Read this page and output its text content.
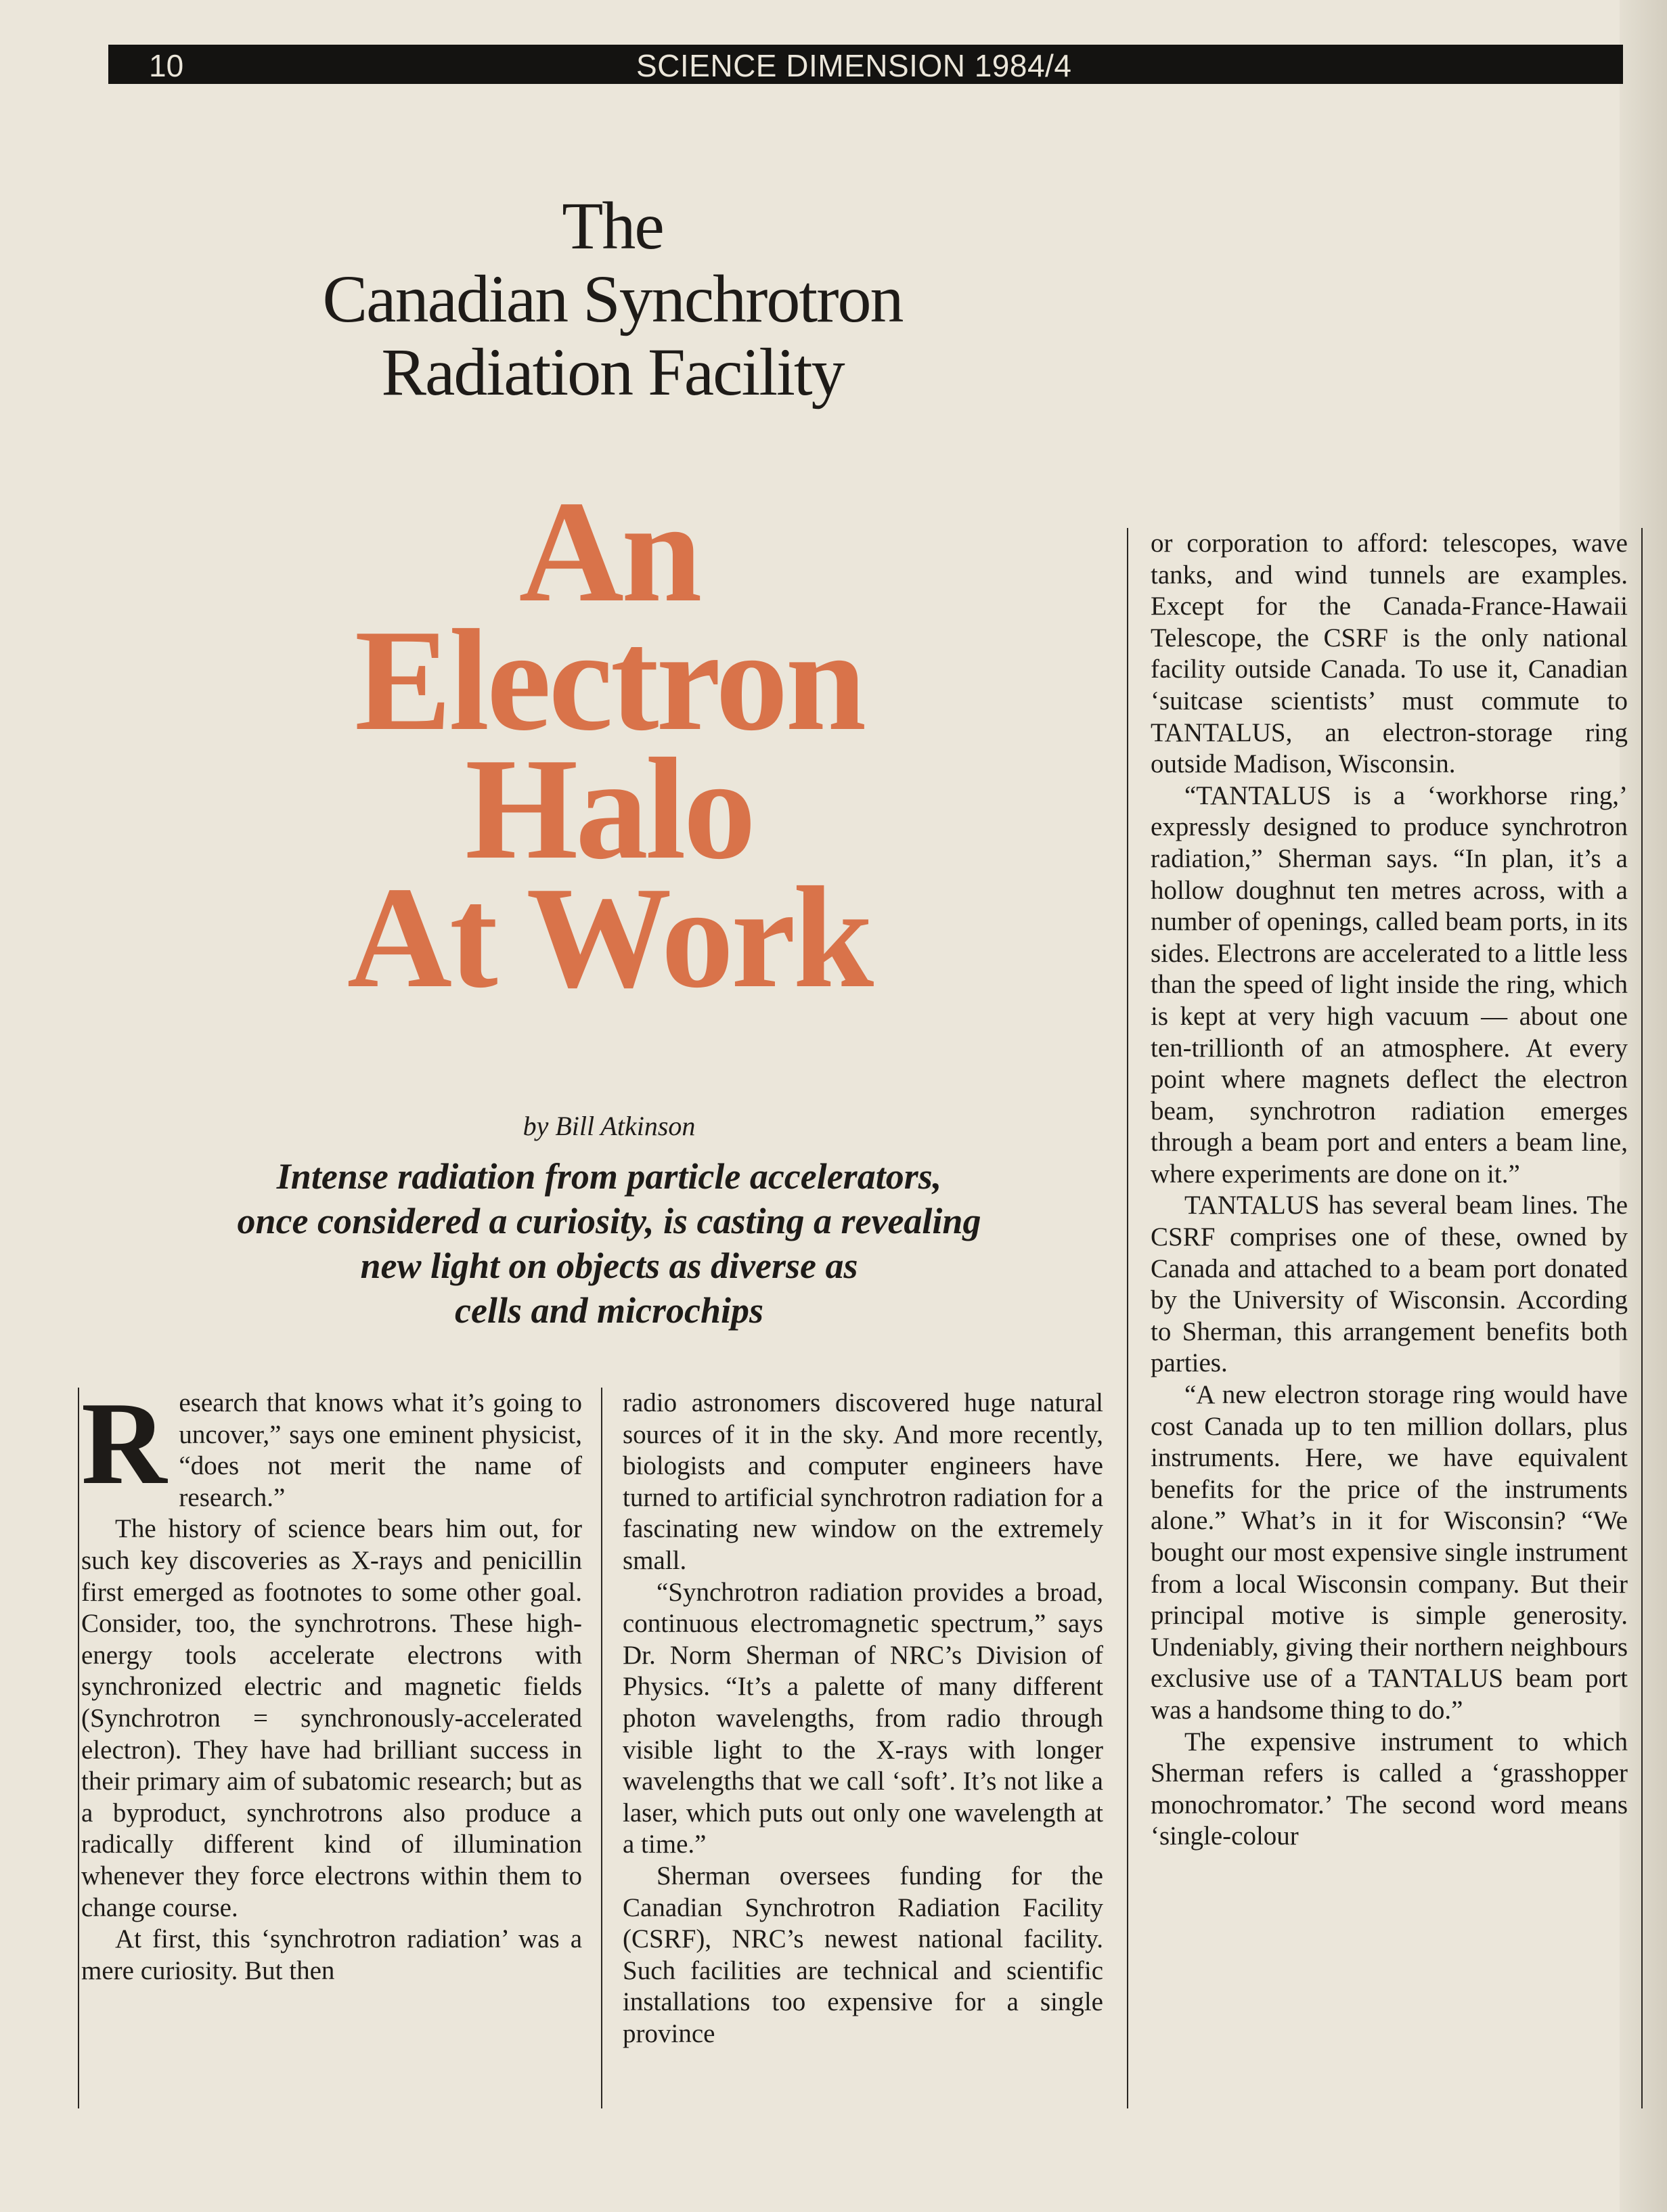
10	SCIENCE DIMENSION 1984/4
The
Canadian Synchrotron
Radiation Facility
An
Electron
Halo
At Work
by Bill Atkinson
Intense radiation from particle accelerators,
once considered a curiosity, is casting a revealing
new light on objects as diverse as
cells and microchips

Research that knows what it’s going to uncover,” says one eminent physicist, “does not merit the name of research.”

The history of science bears him out, for such key discoveries as X-rays and penicillin first emerged as footnotes to some other goal. Consider, too, the synchrotrons. These high-energy tools accelerate electrons with synchronized electric and magnetic fields (Synchrotron = synchronously-accelerated electron). They have had brilliant success in their primary aim of subatomic research; but as a byproduct, synchrotrons also produce a radically different kind of illumination whenever they force electrons within them to change course.

At first, this ‘synchrotron radiation’ was a mere curiosity. But then

radio astronomers discovered huge natural sources of it in the sky. And more recently, biologists and computer engineers have turned to artificial synchrotron radiation for a fascinating new window on the extremely small.

“Synchrotron radiation provides a broad, continuous electromagnetic spectrum,” says Dr. Norm Sherman of NRC’s Division of Physics. “It’s a palette of many different photon wavelengths, from radio through visible light to the X-rays with longer wavelengths that we call ‘soft’. It’s not like a laser, which puts out only one wavelength at a time.”

Sherman oversees funding for the Canadian Synchrotron Radiation Facility (CSRF), NRC’s newest national facility. Such facilities are technical and scientific installations too expensive for a single province

or corporation to afford: telescopes, wave tanks, and wind tunnels are examples. Except for the Canada-France-Hawaii Telescope, the CSRF is the only national facility outside Canada. To use it, Canadian ‘suitcase scientists’ must commute to TANTALUS, an electron-storage ring outside Madison, Wisconsin.

“TANTALUS is a ‘workhorse ring,’ expressly designed to produce synchrotron radiation,” Sherman says. “In plan, it’s a hollow doughnut ten metres across, with a number of openings, called beam ports, in its sides. Electrons are accelerated to a little less than the speed of light inside the ring, which is kept at very high vacuum — about one ten-trillionth of an atmosphere. At every point where magnets deflect the electron beam, synchrotron radiation emerges through a beam port and enters a beam line, where experiments are done on it.”

TANTALUS has several beam lines. The CSRF comprises one of these, owned by Canada and attached to a beam port donated by the University of Wisconsin. According to Sherman, this arrangement benefits both parties.

“A new electron storage ring would have cost Canada up to ten million dollars, plus instruments. Here, we have equivalent benefits for the price of the instruments alone.” What’s in it for Wisconsin? “We bought our most expensive single instrument from a local Wisconsin company. But their principal motive is simple generosity. Undeniably, giving their northern neighbours exclusive use of a TANTALUS beam port was a handsome thing to do.”

The expensive instrument to which Sherman refers is called a ‘grasshopper monochromator.’ The second word means ‘single-colour
